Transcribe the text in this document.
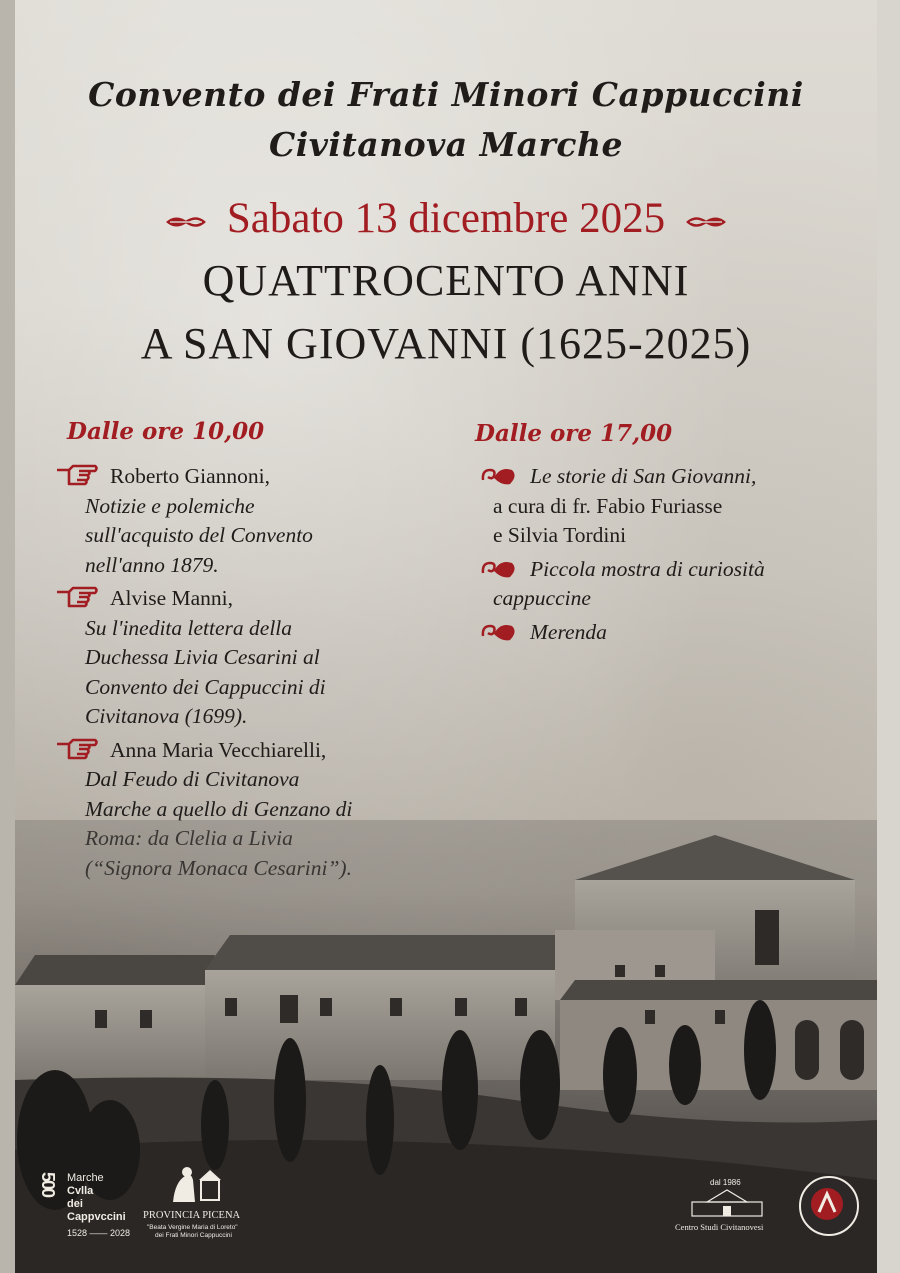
Convento dei Frati Minori Cappuccini
Civitanova Marche
Sabato 13 dicembre 2025
QUATTROCENTO ANNI
A SAN GIOVANNI (1625-2025)
Dalle ore 10,00	Dalle ore 17,00
Roberto Giannoni,
Notizie e polemiche
sull'acquisto del Convento
nell'anno 1879.
Alvise Manni,
Su l'inedita lettera della
Duchessa Livia Cesarini al
Convento dei Cappuccini di
Civitanova (1699).
Anna Maria Vecchiarelli,
Dal Feudo di Civitanova
Marche a quello di Genzano di
Roma: da Clelia a Livia
(“Signora Monaca Cesarini”).
Le storie di San Giovanni,
a cura di fr. Fabio Furiasse
e Silvia Tordini
Piccola mostra di curiosità
cappuccine
Merenda
500 Marche
Cvlla
dei
Cappvccini
1528 —— 2028
PROVINCIA PICENA
"Beata Vergine Maria di Loreto"
dei Frati Minori Cappuccini
dal 1986
Centro Studi Civitanovesi
